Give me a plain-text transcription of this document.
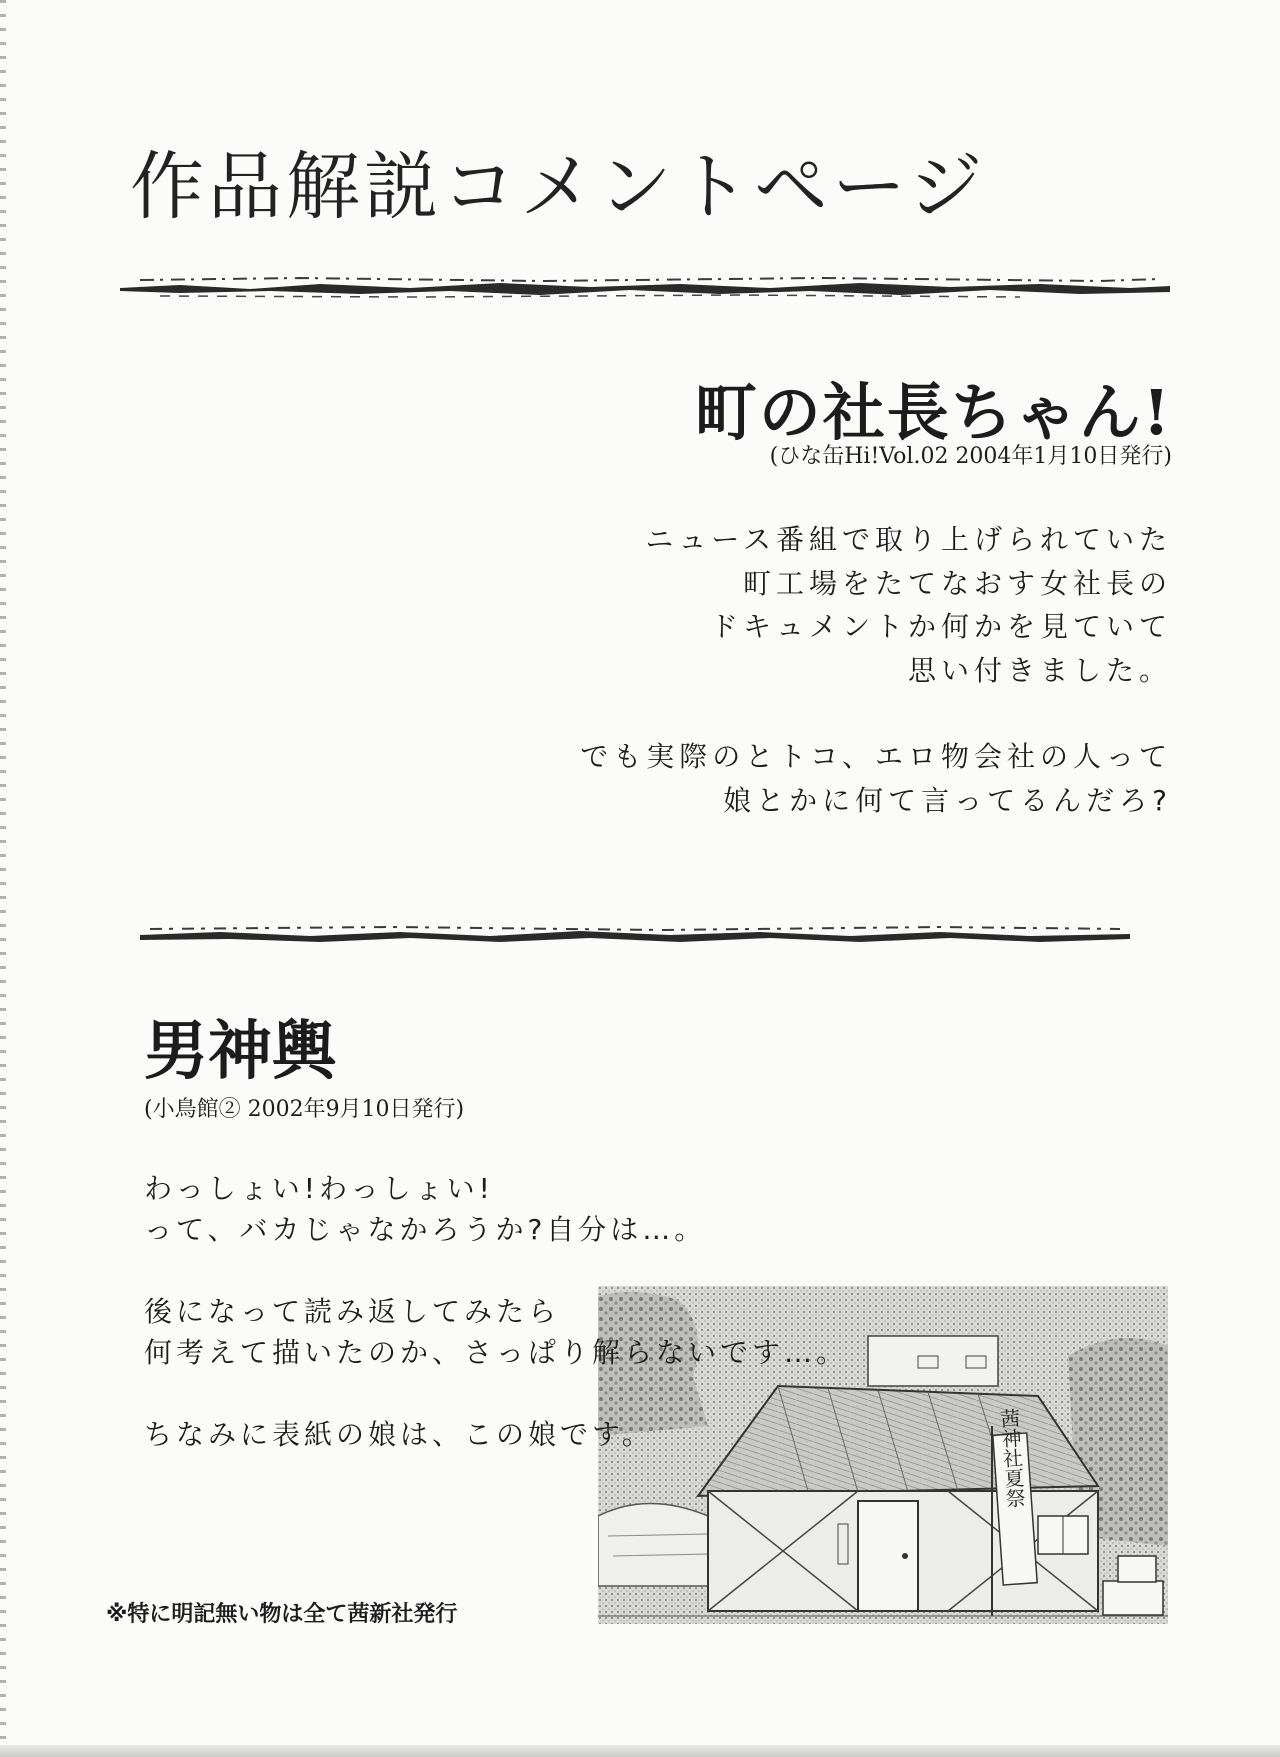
作品解説コメントページ
町の社長ちゃん!
(ひな缶Hi!Vol.02 2004年1月10日発行)

ニュース番組で取り上げられていた

町工場をたてなおす女社長の

ドキュメントか何かを見ていて

思い付きました。

でも実際のとトコ、エロ物会社の人って

娘とかに何て言ってるんだろ?

男神輿
(小鳥館② 2002年9月10日発行)

わっしょい!わっしょい!

って、バカじゃなかろうか?自分は…。

後になって読み返してみたら

何考えて描いたのか、さっぱり解らないです…。

ちなみに表紙の娘は、この娘です。	茜神社夏祭
※特に明記無い物は全て茜新社発行
